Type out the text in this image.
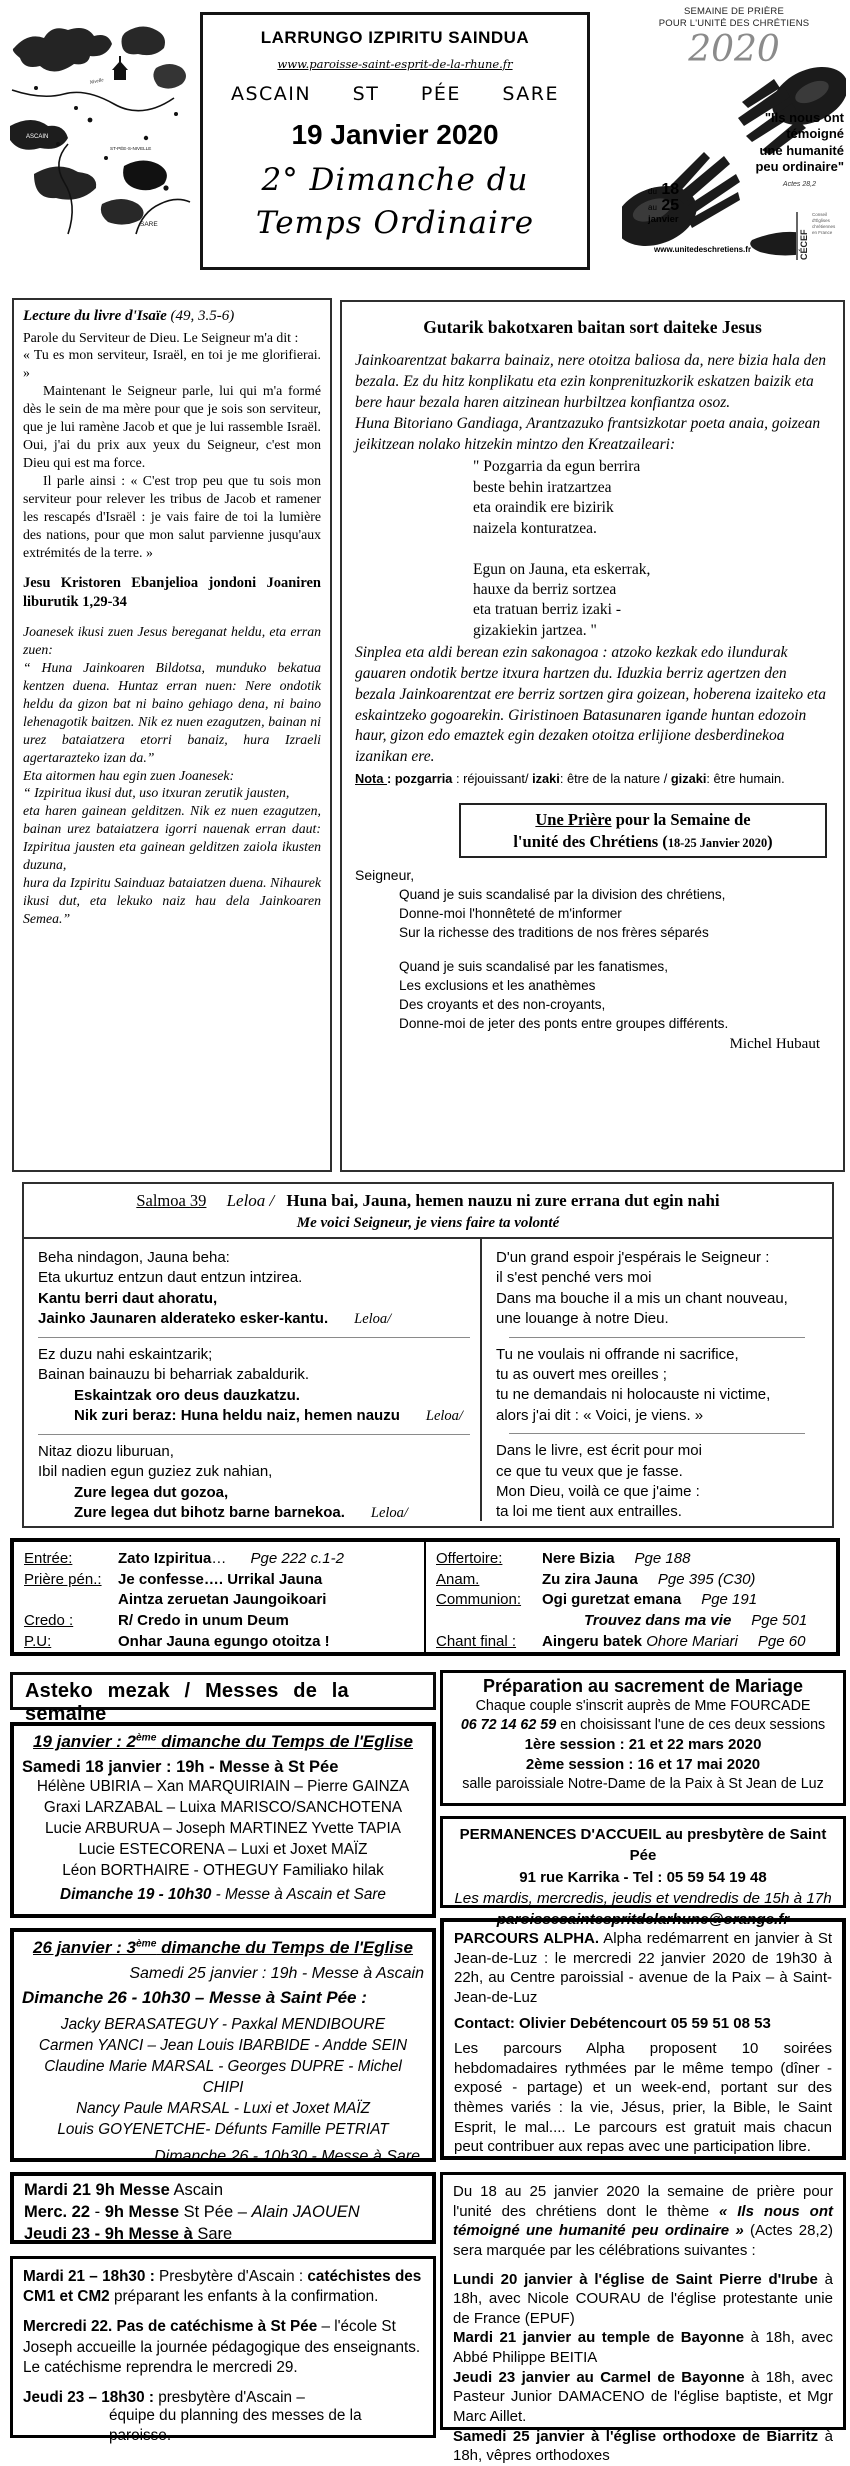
ASCAIN
ST-PÉE-S-NIVELLE
SARE
Nivelle
LARRUNGO IZPIRITU SAINDUA
www.paroisse-saint-esprit-de-la-rhune.fr
ASCAIN ST PÉE SARE
19 Janvier 2020
2° Dimanche du
Temps Ordinaire
SEMAINE DE PRIÈRE
POUR L'UNITÉ DES CHRÉTIENS
2020
"Ils nous ont
témoigné
une humanité
peu ordinaire"
Actes 28,2
du 18
au 25
janvier
www.unitedeschretiens.fr	CÉCEF
Conseil d'Églises chrétiennes en France
Lecture du livre d'Isaïe (49, 3.5-6)

Parole du Serviteur de Dieu. Le Seigneur m'a dit :

« Tu es mon serviteur, Israël, en toi je me glorifierai. »

Maintenant le Seigneur parle, lui qui m'a formé dès le sein de ma mère pour que je sois son serviteur, que je lui ramène Jacob et que je lui rassemble Israël. Oui, j'ai du prix aux yeux du Seigneur, c'est mon Dieu qui est ma force.

Il parle ainsi : « C'est trop peu que tu sois mon serviteur pour relever les tribus de Jacob et ramener les rescapés d'Israël : je vais faire de toi la lumière des nations, pour que mon salut parvienne jusqu'aux extrémités de la terre. »

Jesu Kristoren Ebanjelioa jondoni Joaniren liburutik 1,29-34

Joanesek ikusi zuen Jesus bereganat heldu, eta erran zuen:

“ Huna Jainkoaren Bildotsa, munduko bekatua kentzen duena. Huntaz erran nuen: Nere ondotik heldu da gizon bat ni baino gehiago dena, ni baino lehenagotik baitzen. Nik ez nuen ezagutzen, bainan ni urez bataiatzera etorri banaiz, hura Izraeli agertarazteko izan da.”

Eta aitormen hau egin zuen Joanesek:

“ Izpiritua ikusi dut, uso itxuran zerutik jausten,

eta haren gainean gelditzen. Nik ez nuen ezagutzen, bainan urez bataiatzera igorri nauenak erran daut: Izpiritua jausten eta gainean gelditzen zaiola ikusten duzuna,

hura da Izpiritu Sainduaz bataiatzen duena. Nihaurek ikusi dut, eta lekuko naiz hau dela Jainkoaren Semea.”

Gutarik bakotxaren baitan sort daiteke Jesus

Jainkoarentzat bakarra bainaiz, nere otoitza baliosa da, nere bizia hala den bezala. Ez du hitz konplikatu eta ezin konprenituzkorik eskatzen baizik eta bere haur bezala haren aitzinean hurbiltzea konfiantza osoz.

Huna Bitoriano Gandiaga, Arantzazuko frantsizkotar poeta anaia, goizean jeikitzean nolako hitzekin mintzo den Kreatzaileari:

" Pozgarria da egun berrira
beste behin iratzartzea
eta oraindik ere bizirik
naizela konturatzea.
Egun on Jauna, eta eskerrak,
hauxe da berriz sortzea
eta tratuan berriz izaki -
gizakiekin jartzea. "

Sinplea eta aldi berean ezin sakonagoa : atzoko kezkak edo ilundurak gauaren ondotik bertze itxura hartzen du. Iduzkia berriz agertzen den bezala Jainkoarentzat ere berriz sortzen gira goizean, hoberena izaiteko eta eskaintzeko gogoarekin. Giristinoen Batasunaren igande huntan edozoin haur, gizon edo emaztek egin dezaken otoitza erlijione desberdinekoa izanikan ere.

Nota : pozgarria : réjouissant/ izaki: être de la nature / gizaki: être humain.
Une Prière pour la Semaine de
l'unité des Chrétiens (18-25 Janvier 2020)
Seigneur,
Quand je suis scandalisé par la division des chrétiens,
Donne-moi l'honnêteté de m'informer
Sur la richesse des traditions de nos frères séparés
Quand je suis scandalisé par les fanatismes,
Les exclusions et les anathèmes
Des croyants et des non-croyants,
Donne-moi de jeter des ponts entre groupes différents.
Michel Hubaut
Salmoa 39 Leloa / Huna bai, Jauna, hemen nauzu ni zure errana dut egin nahi
Me voici Seigneur, je viens faire ta volonté
Beha nindagon, Jauna beha:
Eta ukurtuz entzun daut entzun intzirea.
Kantu berri daut ahoratu,
Jainko Jaunaren alderateko esker-kantu. Leloa/
Ez duzu nahi eskaintzarik;
Bainan bainauzu bi beharriak zabaldurik.
Eskaintzak oro deus dauzkatzu.
Nik zuri beraz: Huna heldu naiz, hemen nauzu Leloa/
Nitaz diozu liburuan,
Ibil nadien egun guziez zuk nahian,
Zure legea dut gozoa,
Zure legea dut bihotz barne barnekoa. Leloa/
D'un grand espoir j'espérais le Seigneur :
il s'est penché vers moi
Dans ma bouche il a mis un chant nouveau,
une louange à notre Dieu.
Tu ne voulais ni offrande ni sacrifice,
tu as ouvert mes oreilles ;
tu ne demandais ni holocauste ni victime,
alors j'ai dit : « Voici, je viens. »
Dans le livre, est écrit pour moi
ce que tu veux que je fasse.
Mon Dieu, voilà ce que j'aime :
ta loi me tient aux entrailles.
Entrée:	Zato Izpiritua… Pge 222 c.1-2
Prière pén.:	Je confesse…. Urrikal Jauna
Aintza zeruetan Jaungoikoari
Credo :	R/ Credo in unum Deum
P.U:	Onhar Jauna egungo otoitza !
Offertoire:	Nere Bizia Pge 188
Anam.	Zu zira Jauna Pge 395 (C30)
Communion:	Ogi guretzat emana Pge 191
Trouvez dans ma vie Pge 501
Chant final :	Aingeru batek Ohore Mariari Pge 60
Asteko mezak / Messes de la semaine
19 janvier : 2ème dimanche du Temps de l'Eglise
Samedi 18 janvier : 19h - Messe à St Pée
Hélène UBIRIA – Xan MARQUIRIAIN – Pierre GAINZA
Graxi LARZABAL – Luixa MARISCO/SANCHOTENA
Lucie ARBURUA – Joseph MARTINEZ Yvette TAPIA
Lucie ESTECORENA – Luxi et Joxet MAÏZ
Léon BORTHAIRE - OTHEGUY Familiako hilak
Dimanche 19 - 10h30 - Messe à Ascain et Sare
26 janvier : 3ème dimanche du Temps de l'Eglise
Samedi 25 janvier : 19h - Messe à Ascain
Dimanche 26 - 10h30 – Messe à Saint Pée :
Jacky BERASATEGUY - Paxkal MENDIBOURE
Carmen YANCI – Jean Louis IBARBIDE - Andde SEIN
Claudine Marie MARSAL - Georges DUPRE - Michel CHIPI
Nancy Paule MARSAL - Luxi et Joxet MAÏZ
Louis GOYENETCHE- Défunts Famille PETRIAT
Dimanche 26 - 10h30 - Messe à Sare
Mardi 21 9h Messe Ascain
Merc. 22 - 9h Messe St Pée – Alain JAOUEN
Jeudi 23 - 9h Messe à Sare

Mardi 21 – 18h30 : Presbytère d'Ascain : catéchistes des CM1 et CM2 préparant les enfants à la confirmation.

Mercredi 22. Pas de catéchisme à St Pée – l'école St Joseph accueille la journée pédagogique des enseignants. Le catéchisme reprendra le mercredi 29.

Jeudi 23 – 18h30 : presbytère d'Ascain –

équipe du planning des messes de la paroisse.

Préparation au sacrement de Mariage
Chaque couple s'inscrit auprès de Mme FOURCADE
06 72 14 62 59 en choisissant l'une de ces deux sessions
1ère session : 21 et 22 mars 2020
2ème session : 16 et 17 mai 2020
salle paroissiale Notre-Dame de la Paix à St Jean de Luz
PERMANENCES D'ACCUEIL au presbytère de Saint Pée
91 rue Karrika - Tel : 05 59 54 19 48
Les mardis, mercredis, jeudis et vendredis de 15h à 17h
paroissesaintespritdelarhune@orange.fr

PARCOURS ALPHA. Alpha redémarrent en janvier à St Jean-de-Luz : le mercredi 22 janvier 2020 de 19h30 à 22h, au Centre paroissial - avenue de la Paix – à Saint-Jean-de-Luz

Contact: Olivier Debétencourt 05 59 51 08 53

Les parcours Alpha proposent 10 soirées hebdomadaires rythmées par le même tempo (dîner - exposé - partage) et un week-end, portant sur des thèmes variés : la vie, Jésus, prier, la Bible, le Saint Esprit, le mal.... Le parcours est gratuit mais chacun peut contribuer aux repas avec une participation libre.

Du 18 au 25 janvier 2020 la semaine de prière pour l'unité des chrétiens dont le thème « Ils nous ont témoigné une humanité peu ordinaire » (Actes 28,2) sera marquée par les célébrations suivantes :

Lundi 20 janvier à l'église de Saint Pierre d'Irube à 18h, avec Nicole COURAU de l'église protestante unie de France (EPUF)

Mardi 21 janvier au temple de Bayonne à 18h, avec Abbé Philippe BEITIA

Jeudi 23 janvier au Carmel de Bayonne à 18h, avec Pasteur Junior DAMACENO de l'église baptiste, et Mgr Marc Aillet.

Samedi 25 janvier à l'église orthodoxe de Biarritz à 18h, vêpres orthodoxes
